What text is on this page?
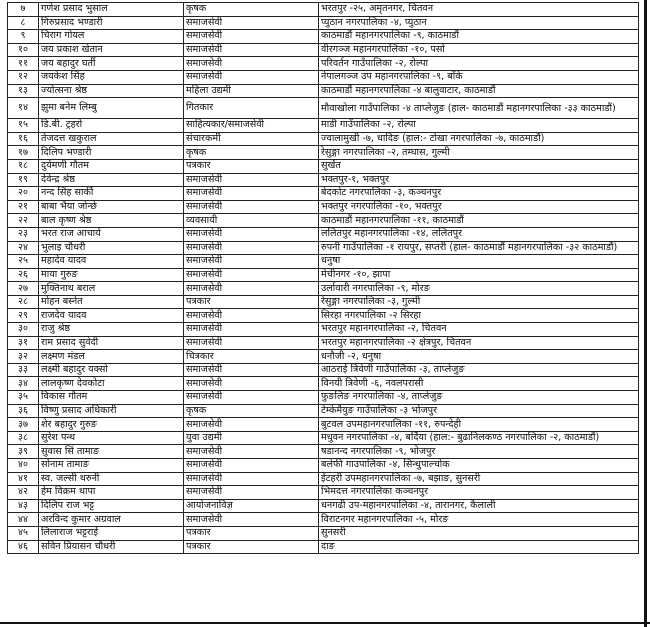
७	गणेश प्रसाद भुसाल	कृषक	भरतपुर -२५, अमृतनगर, चितवन
८	गिरुप्रसाद भण्डारी	समाजसेवी	प्युठान नगरपालिका -४, प्युठान
९	चिराग गोयल	समाजसेवी	काठमाडौं महानगरपालिका -९, काठमाडौं
१०	जय प्रकाश खेतान	समाजसेवी	वीरगञ्ज महानगरपालिका -१०, पर्सा
११	जय बहादुर घर्ती	समाजसेवी	परिवर्तन गाउँपालिका -२, रोल्पा
१२	जयकेश सिंह	समाजसेवी	नेपालगञ्ज उप महानगरपालिका -९, बाँके
१३	ज्योत्सना श्रेष्ठ	महिला उद्यमी	काठमाडौं महानगरपालिका -४ बालुवाटार, काठमाडौं
१४	झुमा बनेम लिम्बु	गितकार	मौवाखोला गाउँपालिका -४ ताप्लेजुङ (हाल- काठमाडौं महानगरपालिका -३३ काठमाडौं)
१५	डि.बी. ट्रहरो	साहित्यकार/समाजसेवी	माडी गाउँपालिका -२, रोल्पा
१६	तेजदत्त खकुराल	संचारकर्मी	ज्वालामुखी -७, धादिङ (हाल:- टोखा नगरपालिका -७, काठमाडौं)
१७	दिलिप भण्डारी	कृषक	रेसुङ्गा नगरपालिका -२, तम्घास, गुल्मी
१८	दुर्यमणी गौतम	पत्रकार	सुर्खेत
१९	देवेन्द्र श्रेष्ठ	समाजसेवी	भक्तपुर-१, भक्तपुर
२०	नन्द सिंह सार्की	समाजसेवी	बेदकोट नगरपालिका -३, कञ्चनपुर
२१	बाबा भैया जोन्छे	समाजसेवी	भक्तपुर नगरपालिका -१०, भक्तपुर
२२	बाल कृष्ण श्रेष्ठ	व्यवसायी	काठमाडौं महानगरपालिका -११, काठमाडौं
२३	भरत राज आचार्य	समाजसेवी	ललितपुर महानगरपालिका -१४, ललितपुर
२४	भुलाइ चौधरी	समाजसेवी	रुपनी गाउँपालिका -१ रायपुर, सप्तरी (हाल- काठमाडौं महानगरपालिका -३२ काठमाडौं)
२५	महादेव यादव	समाजसेवी	धनुषा
२६	माया गुरुङ	समाजसेवी	मेचीनगर -१०, झापा
२७	मुक्तिनाथ बराल	समाजसेवी	उर्लावारी नगरपालिका -९, मोरङ
२८	मोहन बस्नेत	पत्रकार	रेसुङ्गा नगरपालिका -३, गुल्मी
२९	राजदेव यादव	समाजसेवी	सिरहा नगरपालिका -२ सिरहा
३०	राजु श्रेष्ठ	समाजसेवी	भरतपुर महानगरपालिका -२, चितवन
३१	राम प्रसाद सुवेदी	समाजसेवी	भरतपुर महानगरपालिका -२ क्षेत्रपुर, चितवन
३२	लक्ष्मण मंडल	चित्रकार	धनौजी -२, धनुषा
३३	लक्ष्मी बहादुर यक्सो	समाजसेवी	आठराई त्रिवेणी गाउँपालिका -३, ताप्लेजुङ
३४	लालकृष्ण देवकोटा	समाजसेवी	विनयी त्रिवेणी -६, नवलपरासी
३५	विकास गौतम	समाजसेवी	फुङलिङ नगरपालिका -४, ताप्लेजुङ
३६	विष्णु प्रसाद अधिकारी	कृषक	टेम्केमैयुङ गाउँपालिका -३ भोजपुर
३७	शेर बहादुर गुरुङ	समाजसेवी	बुटवल उपमहानगरपालिका -११, रुपन्देही
३८	सुरेश पन्थ	युवा उद्यमी	मधुवन नगरपालिका -४, बर्दिया (हाल:- बुढानिलकण्ठ नगरपालिका -२, काठमाडौं)
३९	सुवास सिं तामाङ	समाजसेवी	षडानन्द नगरपालिका -९, भोजपुर
४०	सोनाम तामाङ	समाजसेवी	बलेफी गाउपालिका -४, सिन्धुपाल्चोक
४१	स्व. जल्सी थरुनी	समाजसेवी	ईटहरी उपमहानगरपालिका -७, बझाङ, सुनसरी
४२	हेम विक्रम थापा	समाजसेवी	भिमदत्त नगरपालिका कञ्चनपुर
४३	दिलिप राज भट्ट	आयोजनाविज्ञ	धनगढी उप-महानगरपालिका -४, तारानगर, कैलाली
४४	अरविन्द कुमार अग्रवाल	समाजसेवी	विराटनगर महानगरपालिका -५, मोरङ
४५	लिलाराज भट्टराई	पत्रकार	सुनसरी
४६	सविन प्रियासन चौधरी	पत्रकार	दाङ
